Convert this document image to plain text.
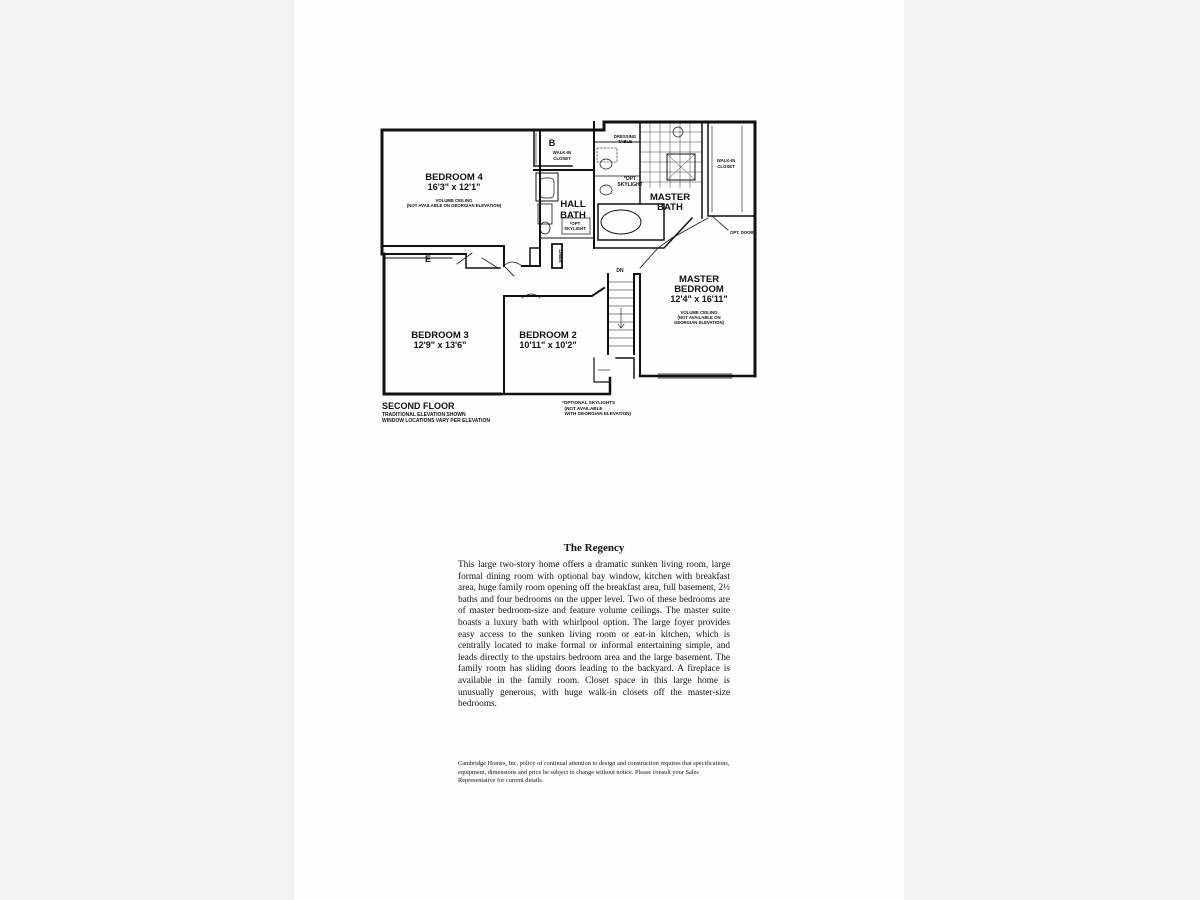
BEDROOM 4
16'3" x 12'1"
VOLUME CEILING
(NOT AVAILABLE ON GEORGIAN ELEVATION)
BEDROOM 3
12'9" x 13'6"
BEDROOM 2
10'11" x 10'2"
MASTER
BEDROOM
12'4" x 16'11"
VOLUME CEILING
(NOT AVAILABLE ON
GEORGIAN ELEVATION)
HALL
BATH
*OPT
SKYLIGHT
MASTER
BATH
WALK-IN
CLOSET	WALK-IN
CLOSET
DRESSING
TABLE
*OPT
SKYLIGHT
LINEN
OPT. DOOR
DN
B
E
SECOND FLOOR
TRADITIONAL ELEVATION SHOWN
WINDOW LOCATIONS VARY PER ELEVATION
*OPTIONAL SKYLIGHTS
(NOT AVAILABLE
WITH GEORGIAN ELEVATION)
The Regency
This large two-story home offers a dramatic sunken living room, large formal dining room with optional bay window, kitchen with breakfast area, huge family room opening off the breakfast area, full basement, 2½ baths and four bedrooms on the upper level. Two of these bedrooms are of master bedroom-size and feature volume ceilings. The master suite boasts a luxury bath with whirlpool option. The large foyer provides easy access to the sunken living room or eat-in kitchen, which is centrally located to make formal or informal entertaining simple, and leads directly to the upstairs bedroom area and the large basement. The family room has sliding doors leading to the backyard. A fireplace is available in the family room. Closet space in this large home is unusually generous, with huge walk-in closets off the master-size bedrooms.
Cambridge Homes, Inc. policy of continual attention to design and construction requires that specifications, equipment, dimensions and price be subject to change without notice. Please consult your Sales Representative for current details.
